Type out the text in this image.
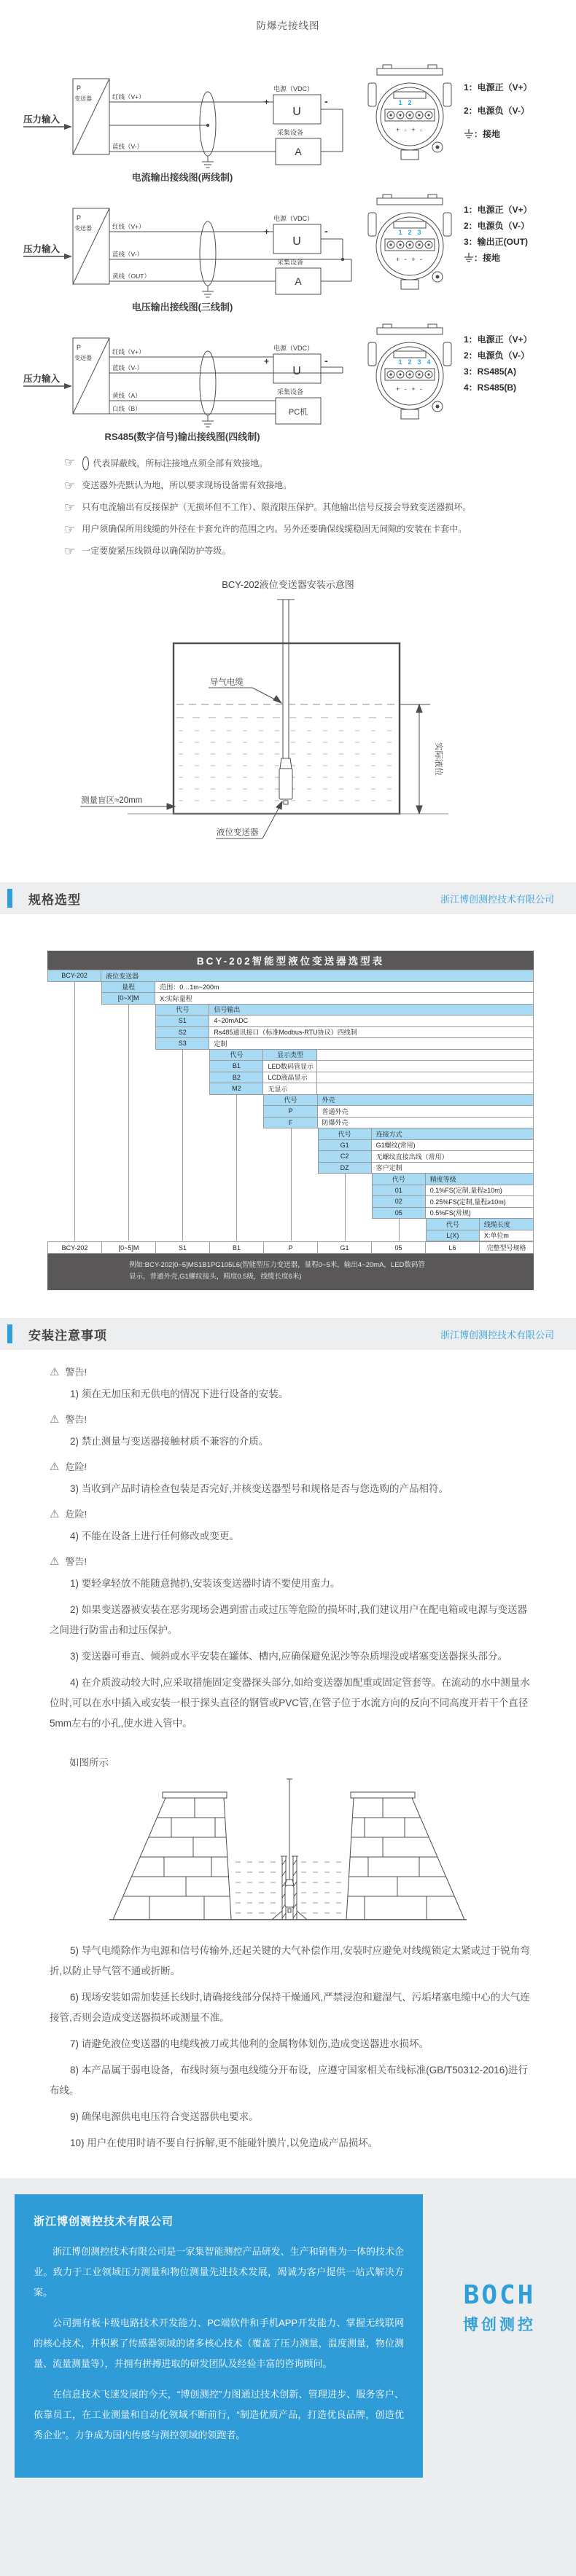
防爆壳接线图
压力输入
P
变送器	红线（V+）
蓝线（V-）
电源（VDC）
U
+	-
采集设备
A
电流输出接线图(两线制)
1 2
+ - + -
1：电源正（V+）
2：电源负（V-）
：接地
压力输入
P
变送器	红线（V+）
蓝线（V-）
黄线（OUT）
电源（VDC）
U
+	-
采集设备
A
电压输出接线图(三线制)
1 2 3
+ - + -
1：电源正（V+）
2：电源负（V-）
3：输出正(OUT)
：接地
压力输入
P
变送器
红线（V+）
蓝线（V-）
黄线（A）
白线（B）
电源（VDC）
U
+	-
采集设备
PC机
RS485(数字信号)输出接线图(四线制)
1 2 3 4
+ - + -
1：电源正（V+）
2：电源负（V-）
3：RS485(A)
4：RS485(B)
☞ 代表屏蔽线，所标注接地点须全部有效接地。
☞ 变送器外壳默认为地，所以要求现场设备需有效接地。
☞ 只有电流输出有反接保护（无损坏但不工作）、限流限压保护。其他输出信号反接会导致变送器损坏。
☞ 用户须确保所用线缆的外径在卡套允许的范围之内。另外还要确保线缆稳固无间隙的安装在卡套中。
☞ 一定要旋紧压线锁母以确保防护等级。
BCY-202液位变送器安装示意图
导气电缆
实际液位
测量盲区≈20mm
液位变送器
规格选型	浙江博创测控技术有限公司
BCY-202智能型液位变送器选型表
BCY-202	液位变送器
量程	范围：0…1m~200m
[0~X]M	X:实际量程
代号	信号输出
S1	4~20mADC
S2	Rs485通讯接口（标准Modbus-RTU协议）四线制
S3	定制
代号	显示类型
B1	LED数码管显示
B2	LCD液晶显示
M2	无显示
代号	外壳
P	普通外壳
F	防爆外壳
代号	连接方式
G1	G1螺纹(常用)
C2	无螺纹直接出线（常用）
DZ	客户定制
代号	精度等级
01	0.1%FS(定制,量程≥10m)
02	0.25%FS(定制,量程≥10m)
05	0.5%FS(常规)
代号	线缆长度
L(X)	X:单位m
BCY-202	[0~5]M	S1	B1	P	G1	05	L6	完整型号规格
例如:BCY-202[0~5]MS1B1PG105L6(智能型压力变送器，量程0~5米，输出4~20mA，LED数码管显示，普通外壳,G1螺纹接头，精度0.5级，线缆长度6米)
安装注意事项	浙江博创测控技术有限公司
⚠ 警告!

1) 须在无加压和无供电的情况下进行设备的安装。

⚠ 警告!

2) 禁止测量与变送器接触材质不兼容的介质。

⚠ 危险!

3) 当收到产品时请检查包装是否完好,并核变送器型号和规格是否与您选购的产品相符。

⚠ 危险!

4) 不能在设备上进行任何修改或变更。

⚠ 警告!

1) 要轻拿轻放不能随意抛扔,安装该变送器时请不要使用蛮力。

2) 如果变送器被安装在恶劣现场会遇到雷击或过压等危险的损坏时,我们建议用户在配电箱或电源与变送器之间进行防雷击和过压保护。

3) 变送器可垂直、倾斜或水平安装在罐体、槽内,应确保避免泥沙等杂质埋没或堵塞变送器探头部分。

4) 在介质波动较大时,应采取措施固定变器探头部分,如给变送器加配重或固定管套等。在流动的水中测量水位时,可以在水中插入或安装一根于探头直径的钢管或PVC管,在管子位于水流方向的反向不同高度开若干个直径5mm左右的小孔,使水进入管中。

如图所示

5) 导气电缆除作为电源和信号传输外,还起关键的大气补偿作用,安装时应避免对线缆锁定太紧或过于锐角弯折,以防止导气管不通或折断。

6) 现场安装如需加装延长线时,请确接线部分保持干燥通风,严禁浸泡和避湿气、污垢堵塞电缆中心的大气连接管,否则会造成变送器损坏或测量不准。

7) 请避免液位变送器的电缆线被刀或其他利的金属物体划伤,造成变送器进水损坏。

8) 本产品属于弱电设备，布线时须与强电线缆分开布设，应遵守国家相关布线标准(GB/T50312-2016)进行布线。

9) 确保电源供电电压符合变送器供电要求。

10) 用户在使用时请不要自行拆解,更不能碰针膜片,以免造成产品损坏。

浙江博创测控技术有限公司

浙江博创测控技术有限公司是一家集智能测控产品研发、生产和销售为一体的技术企业。致力于工业领域压力测量和物位测量先进技术发展，竭诚为客户提供一站式解决方案。

公司拥有板卡级电路技术开发能力、PC端软件和手机APP开发能力、掌握无线联网的核心技术，并积累了传感器领域的诸多核心技术（覆盖了压力测量，温度测量，物位测量、流量测量等），并拥有拼搏进取的研发团队及经验丰富的咨询顾问。

在信息技术飞速发展的今天，“博创测控”力图通过技术创新、管理进步、服务客户、依靠员工，在工业测量和自动化领域不断前行，“制造优质产品，打造优良品牌，创造优秀企业”。力争成为国内传感与测控领域的领跑者。

BOCH
博创测控
